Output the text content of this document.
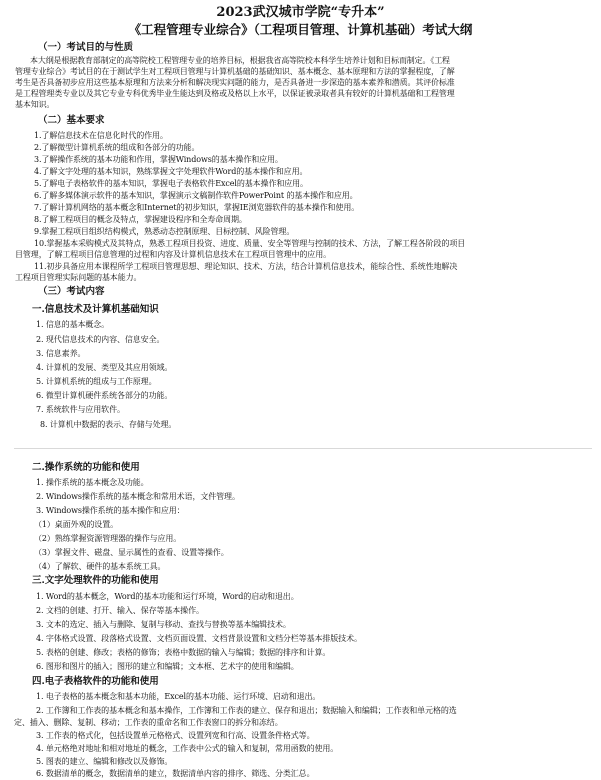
2023武汉城市学院“专升本”
《工程管理专业综合》（工程项目管理、计算机基础）考试大纲
（一）考试目的与性质
本大纲是根据教育部制定的高等院校工程管理专业的培养目标，根据我省高等院校本科学生培养计划和目标而制定。《工程
管理专业综合》考试目的在于测试学生对工程项目管理与计算机基础的基础知识、基本概念、基本原理和方法的掌握程度，了解
考生是否具备初步应用这些基本原理和方法来分析和解决现实问题的能力，是否具备进一步深造的基本素养和潜质。其评价标准
是工程管理类专业以及其它专业专科优秀毕业生能达到及格或及格以上水平，以保证被录取者具有较好的计算机基础和工程管理
基本知识。
（二）基本要求
1.了解信息技术在信息化时代的作用。
2.了解微型计算机系统的组成和各部分的功能。
3.了解操作系统的基本功能和作用，掌握Windows的基本操作和应用。
4.了解文字处理的基本知识，熟练掌握文字处理软件Word的基本操作和应用。
5.了解电子表格软件的基本知识，掌握电子表格软件Excel的基本操作和应用。
6.了解多媒体演示软件的基本知识，掌握演示文稿制作软件PowerPoint 的基本操作和应用。
7.了解计算机网络的基本概念和Internet的初步知识，掌握IE浏览器软件的基本操作和使用。
8.了解工程项目的概念及特点，掌握建设程序和全寿命周期。
9.掌握工程项目组织结构模式，熟悉动态控制原理、目标控制、风险管理。
10.掌握基本采购模式及其特点，熟悉工程项目投资、进度、质量、安全等管理与控制的技术、方法，了解工程各阶段的项目
目管理，了解工程项目信息管理的过程和内容及计算机信息技术在工程项目管理中的应用。
11.初步具备应用本课程所学工程项目管理思想、理论知识、技术、方法，结合计算机信息技术，能综合性、系统性地解决
工程项目管理实际问题的基本能力。
（三）考试内容
一.信息技术及计算机基础知识
1. 信息的基本概念。
2. 现代信息技术的内容、信息安全。
3. 信息素养。
4. 计算机的发展、类型及其应用领域。
5. 计算机系统的组成与工作原理。
6. 微型计算机硬件系统各部分的功能。
7. 系统软件与应用软件。
8. 计算机中数据的表示、存储与处理。
二.操作系统的功能和使用
1. 操作系统的基本概念及功能。
2. Windows操作系统的基本概念和常用术语，文件管理。
3. Windows操作系统的基本操作和应用：
（1）桌面外观的设置。
（2）熟练掌握资源管理器的操作与应用。
（3）掌握文件、磁盘、显示属性的查看、设置等操作。
（4）了解软、硬件的基本系统工具。
三.文字处理软件的功能和使用
1. Word的基本概念，Word的基本功能和运行环境，Word的启动和退出。
2. 文档的创建、打开、输入、保存等基本操作。
3. 文本的选定、插入与删除、复制与移动、查找与替换等基本编辑技术。
4. 字体格式设置、段落格式设置、文档页面设置、文档背景设置和文档分栏等基本排版技术。
5. 表格的创建、修改；表格的修饰；表格中数据的输入与编辑；数据的排序和计算。
6. 图形和图片的插入；图形的建立和编辑；文本框、艺术字的使用和编辑。
四.电子表格软件的功能和使用
1. 电子表格的基本概念和基本功能，Excel的基本功能、运行环境、启动和退出。
2. 工作簿和工作表的基本概念和基本操作，工作簿和工作表的建立、保存和退出；数据输入和编辑；工作表和单元格的选
定、插入、删除、复制、移动；工作表的重命名和工作表窗口的拆分和冻结。
3. 工作表的格式化，包括设置单元格格式、设置列宽和行高、设置条件格式等。
4. 单元格绝对地址和相对地址的概念，工作表中公式的输入和复制，常用函数的使用。
5. 图表的建立、编辑和修改以及修饰。
6. 数据清单的概念，数据清单的建立，数据清单内容的排序、筛选、分类汇总。
